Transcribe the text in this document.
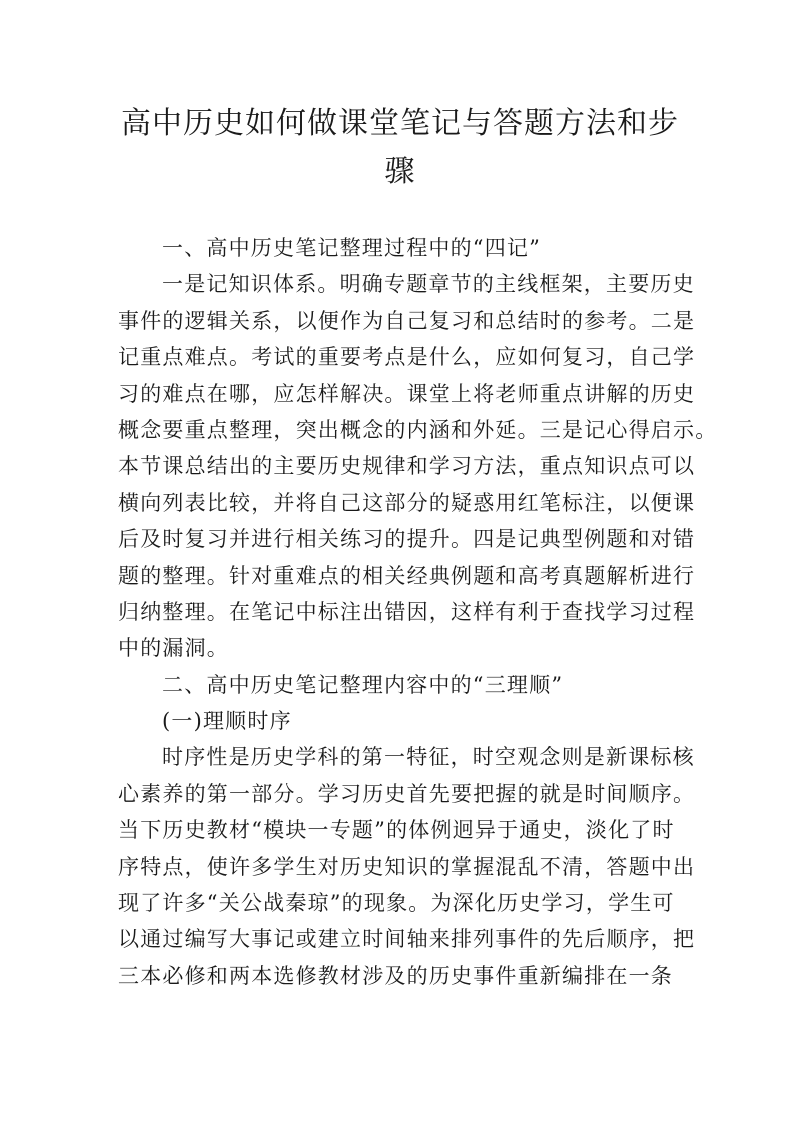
高中历史如何做课堂笔记与答题方法和步
骤
一、高中历史笔记整理过程中的“四记”
一是记知识体系。明确专题章节的主线框架，主要历史
事件的逻辑关系，以便作为自己复习和总结时的参考。二是
记重点难点。考试的重要考点是什么，应如何复习，自己学
习的难点在哪，应怎样解决。课堂上将老师重点讲解的历史
概念要重点整理，突出概念的内涵和外延。三是记心得启示。
本节课总结出的主要历史规律和学习方法，重点知识点可以
横向列表比较，并将自己这部分的疑惑用红笔标注，以便课
后及时复习并进行相关练习的提升。四是记典型例题和对错
题的整理。针对重难点的相关经典例题和高考真题解析进行
归纳整理。在笔记中标注出错因，这样有利于查找学习过程
中的漏洞。
二、高中历史笔记整理内容中的“三理顺”
(一)理顺时序
时序性是历史学科的第一特征，时空观念则是新课标核
心素养的第一部分。学习历史首先要把握的就是时间顺序。
当下历史教材“模块一专题”的体例迥异于通史，淡化了时
序特点，使许多学生对历史知识的掌握混乱不清，答题中出
现了许多“关公战秦琼”的现象。为深化历史学习，学生可
以通过编写大事记或建立时间轴来排列事件的先后顺序，把
三本必修和两本选修教材涉及的历史事件重新编排在一条
